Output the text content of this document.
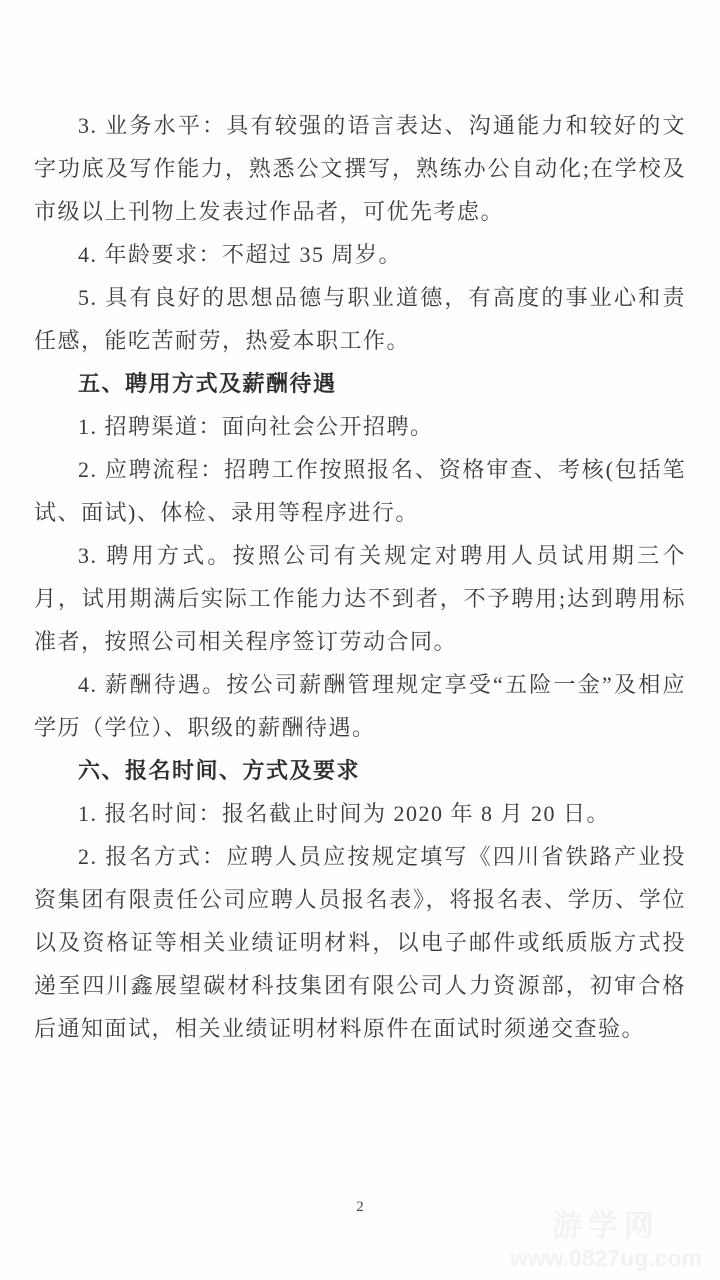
3. 业务水平：具有较强的语言表达、沟通能力和较好的文字功底及写作能力，熟悉公文撰写，熟练办公自动化;在学校及市级以上刊物上发表过作品者，可优先考虑。

4. 年龄要求：不超过 35 周岁。

5. 具有良好的思想品德与职业道德，有高度的事业心和责任感，能吃苦耐劳，热爱本职工作。

五、聘用方式及薪酬待遇

1. 招聘渠道：面向社会公开招聘。

2. 应聘流程：招聘工作按照报名、资格审查、考核(包括笔试、面试)、体检、录用等程序进行。

3. 聘用方式。按照公司有关规定对聘用人员试用期三个月，试用期满后实际工作能力达不到者，不予聘用;达到聘用标准者，按照公司相关程序签订劳动合同。

4. 薪酬待遇。按公司薪酬管理规定享受“五险一金”及相应学历（学位）、职级的薪酬待遇。

六、报名时间、方式及要求

1. 报名时间：报名截止时间为 2020 年 8 月 20 日。

2. 报名方式：应聘人员应按规定填写《四川省铁路产业投资集团有限责任公司应聘人员报名表》，将报名表、学历、学位以及资格证等相关业绩证明材料，以电子邮件或纸质版方式投递至四川鑫展望碳材科技集团有限公司人力资源部，初审合格后通知面试，相关业绩证明材料原件在面试时须递交查验。

2
游学网
www.0827ug.com
